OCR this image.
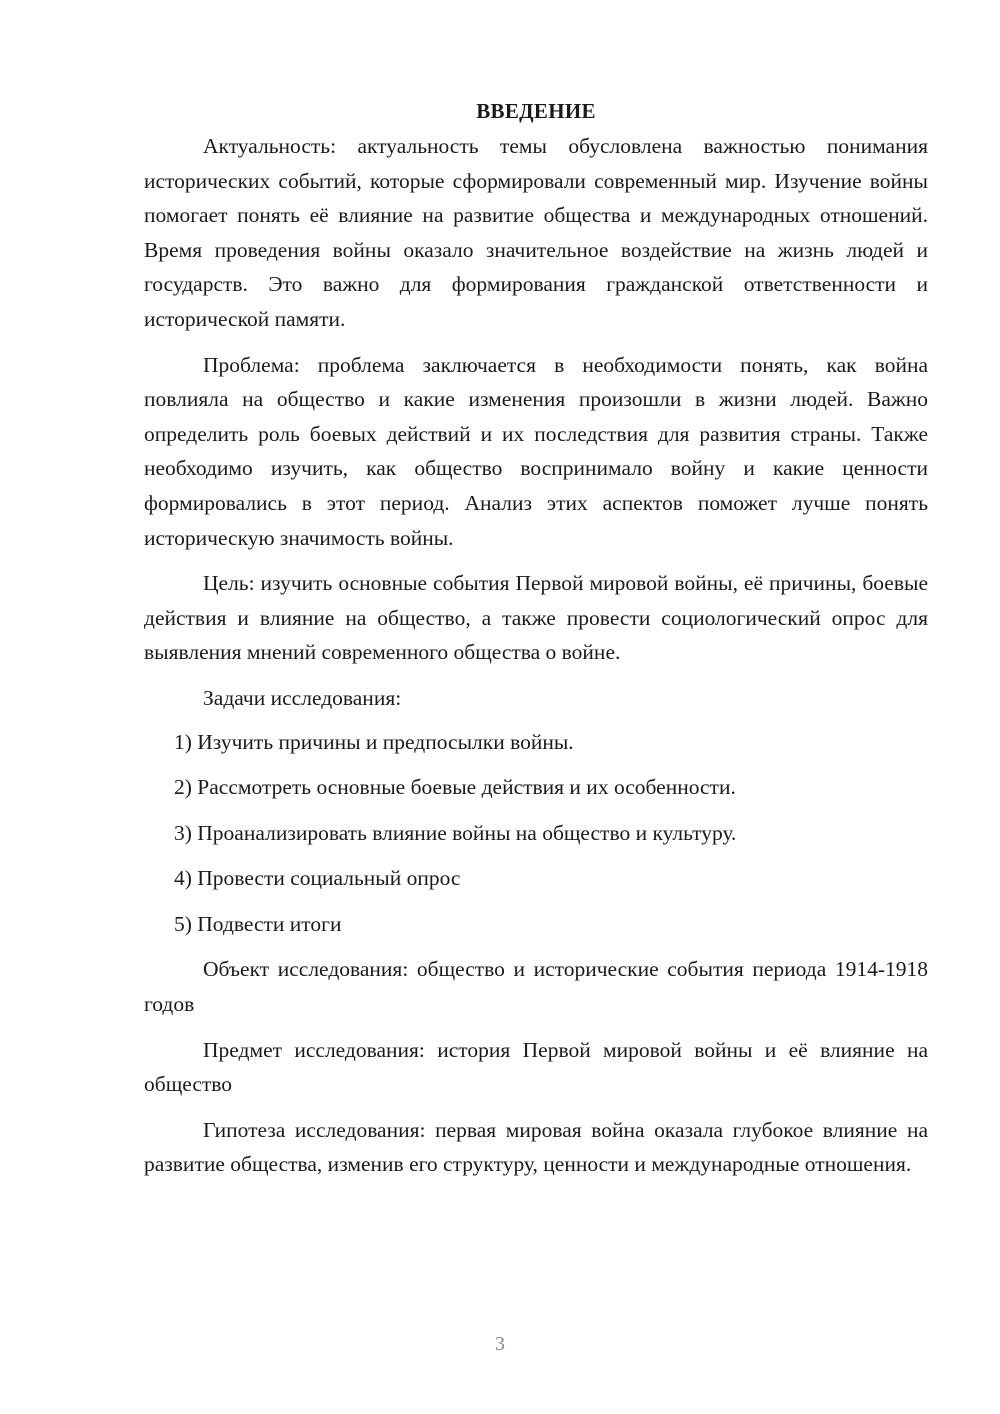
ВВЕДЕНИЕ

Актуальность: актуальность темы обусловлена важностью понимания исторических событий, которые сформировали современный мир. Изучение войны помогает понять её влияние на развитие общества и международных отношений. Время проведения войны оказало значительное воздействие на жизнь людей и государств. Это важно для формирования гражданской ответственности и исторической памяти.

Проблема: проблема заключается в необходимости понять, как война повлияла на общество и какие изменения произошли в жизни людей. Важно определить роль боевых действий и их последствия для развития страны. Также необходимо изучить, как общество воспринимало войну и какие ценности формировались в этот период. Анализ этих аспектов поможет лучше понять историческую значимость войны.

Цель: изучить основные события Первой мировой войны, её причины, боевые действия и влияние на общество, а также провести социологический опрос для выявления мнений современного общества о войне.

Задачи исследования:

1) Изучить причины и предпосылки войны.
2) Рассмотреть основные боевые действия и их особенности.
3) Проанализировать влияние войны на общество и культуру.
4) Провести социальный опрос
5) Подвести итоги

Объект исследования: общество и исторические события периода 1914-1918 годов

Предмет исследования: история Первой мировой войны и её влияние на общество

Гипотеза исследования: первая мировая война оказала глубокое влияние на развитие общества, изменив его структуру, ценности и международные отношения.

3
